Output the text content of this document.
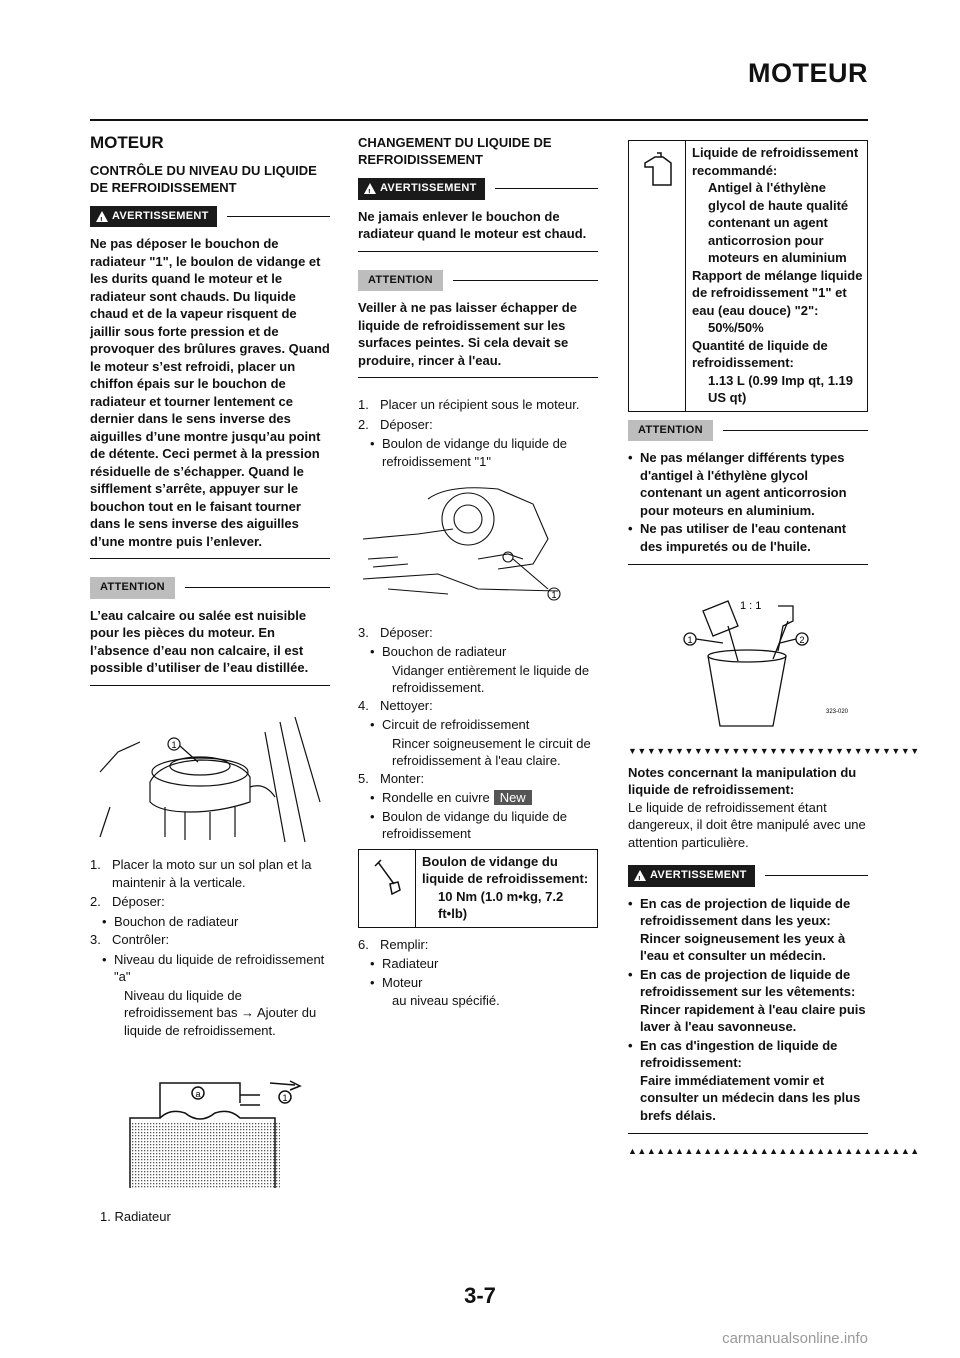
MOTEUR
MOTEUR
CONTRÔLE DU NIVEAU DU LIQUIDE DE REFROIDISSEMENT
!
AVERTISSEMENT
Ne pas déposer le bouchon de radiateur "1", le boulon de vidange et les durits quand le moteur et le radiateur sont chauds. Du liquide chaud et de la vapeur risquent de jaillir sous forte pression et de provoquer des brûlures graves. Quand le moteur s’est refroidi, placer un chiffon épais sur le bouchon de radiateur et tourner lentement ce dernier dans le sens inverse des aiguilles d’une montre jusqu’au point de détente. Ceci permet à la pression résiduelle de s’échapper. Quand le sifflement s’arrête, appuyer sur le bouchon tout en le faisant tourner dans le sens inverse des aiguilles d’une montre puis l’enlever.
ATTENTION
L’eau calcaire ou salée est nuisible pour les pièces du moteur. En l’absence d’eau non calcaire, il est possible d’utiliser de l’eau distillée.
1
1. Placer la moto sur un sol plan et la maintenir à la verticale.
2. Déposer:
• Bouchon de radiateur
3. Contrôler:
• Niveau du liquide de refroidissement "a"
Niveau du liquide de refroidissement bas → Ajouter du liquide de refroidissement.
a	1
1. Radiateur
CHANGEMENT DU LIQUIDE DE REFROIDISSEMENT
!
AVERTISSEMENT
Ne jamais enlever le bouchon de radiateur quand le moteur est chaud.
ATTENTION
Veiller à ne pas laisser échapper de liquide de refroidissement sur les surfaces peintes. Si cela devait se produire, rincer à l'eau.
1. Placer un récipient sous le moteur.
2. Déposer:
• Boulon de vidange du liquide de refroidissement "1"
1
3. Déposer:
• Bouchon de radiateur
Vidanger entièrement le liquide de refroidissement.
4. Nettoyer:
• Circuit de refroidissement
Rincer soigneusement le circuit de refroidissement à l'eau claire.
5. Monter:
• Rondelle en cuivre New
• Boulon de vidange du liquide de refroidissement
Boulon de vidange du liquide de refroidissement:
10 Nm (1.0 m•kg, 7.2 ft•lb)
6. Remplir:
• Radiateur
• Moteur
au niveau spécifié.
Liquide de refroidissement recommandé:
Antigel à l'éthylène glycol de haute qualité contenant un agent anticorrosion pour moteurs en aluminium
Rapport de mélange liquide de refroidissement "1" et eau (eau douce) "2":
50%/50%
Quantité de liquide de refroidissement:
1.13 L (0.99 Imp qt, 1.19 US qt)
ATTENTION
• Ne pas mélanger différents types d'antigel à l'éthylène glycol contenant un agent anticorrosion pour moteurs en aluminium.
• Ne pas utiliser de l'eau contenant des impuretés ou de l'huile.
1 : 1
1	2
323-020
▼▼▼▼▼▼▼▼▼▼▼▼▼▼▼▼▼▼▼▼▼▼▼▼▼▼▼▼▼▼▼
Notes concernant la manipulation du liquide de refroidissement:
Le liquide de refroidissement étant dangereux, il doit être manipulé avec une attention particulière.
!
AVERTISSEMENT
• En cas de projection de liquide de refroidissement dans les yeux:
Rincer soigneusement les yeux à l'eau et consulter un médecin.
• En cas de projection de liquide de refroidissement sur les vêtements:
Rincer rapidement à l'eau claire puis laver à l'eau savonneuse.
• En cas d'ingestion de liquide de refroidissement:
Faire immédiatement vomir et consulter un médecin dans les plus brefs délais.
▲▲▲▲▲▲▲▲▲▲▲▲▲▲▲▲▲▲▲▲▲▲▲▲▲▲▲▲▲▲▲
3-7
carmanualsonline.info
